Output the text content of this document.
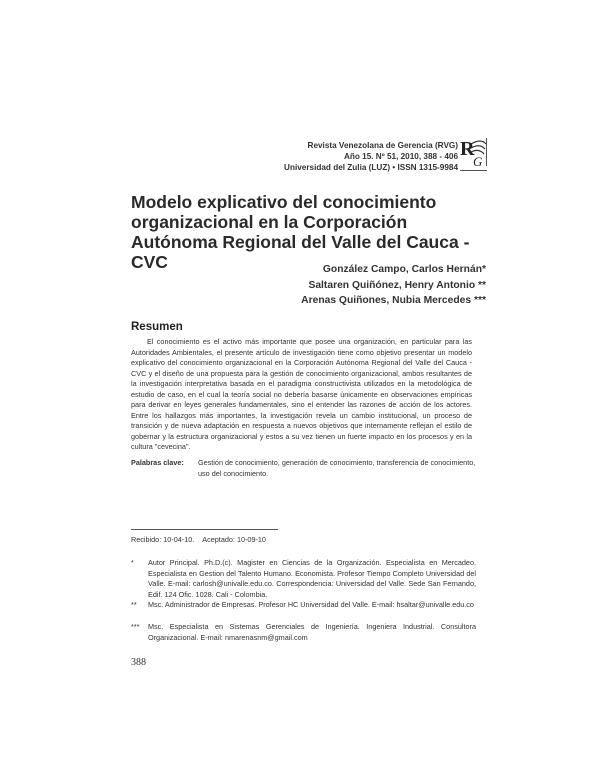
Revista Venezolana de Gerencia (RVG)
Año 15. Nº 51, 2010, 388 - 406
Universidad del Zulia (LUZ) • ISSN 1315-9984
R
G
Modelo explicativo del conocimiento organizacional en la Corporación Autónoma Regional del Valle del Cauca - CVC	González Campo, Carlos Hernán*
Saltaren Quiñónez, Henry Antonio **
Arenas Quiñones, Nubia Mercedes ***
Resumen

El conocimiento es el activo más importante que posee una organización, en particular para las Autoridades Ambientales, el presente artículo de investigación tiene como objetivo presentar un modelo explicativo del conocimiento organizacional en la Corporación Autónoma Regional del Valle del Cauca - CVC y el diseño de una propuesta para la gestión de conocimiento organizacional, ambos resultantes de la investigación interpretativa basada en el paradigma constructivista utilizados en la metodológica de estudio de caso, en el cual la teoría social no debería basarse únicamente en observaciones empíricas para derivar en leyes generales fundamentales, sino el entender las razones de acción de los actores. Entre los hallazgos más importantes, la investigación revela un cambio institucional, un proceso de transición y de nueva adaptación en respuesta a nuevos objetivos que internamente reflejan el estilo de gobernar y la estructura organizacional y estos a su vez tienen un fuerte impacto en los procesos y en la cultura "cevecina".

Palabras clave: Gestión de conocimiento, generación de conocimiento, transferencia de conocimiento, uso del conocimiento.
Recibido: 10-04-10. Aceptado: 10-09-10
* Autor Principal. Ph.D.(c). Magister en Ciencias de la Organización. Especialista en Mercadeo. Especialista en Gestion del Talento Humano. Economista. Profesor Tiempo Completo Universidad del Valle. E-mail: carlosh@univalle.edu.co. Correspondencia: Universidad del Valle. Sede San Fernando, Edif. 124 Ofic. 1028. Cali - Colombia.
** Msc. Administrador de Empresas. Profesor HC Universidad del Valle. E-mail: hsaltar@univalle.edu.co
*** Msc. Especialista en Sistemas Gerenciales de Ingeniería. Ingeniera Industrial. Consultora Organizacional. E-mail: nmarenasnm@gmail.com
388
